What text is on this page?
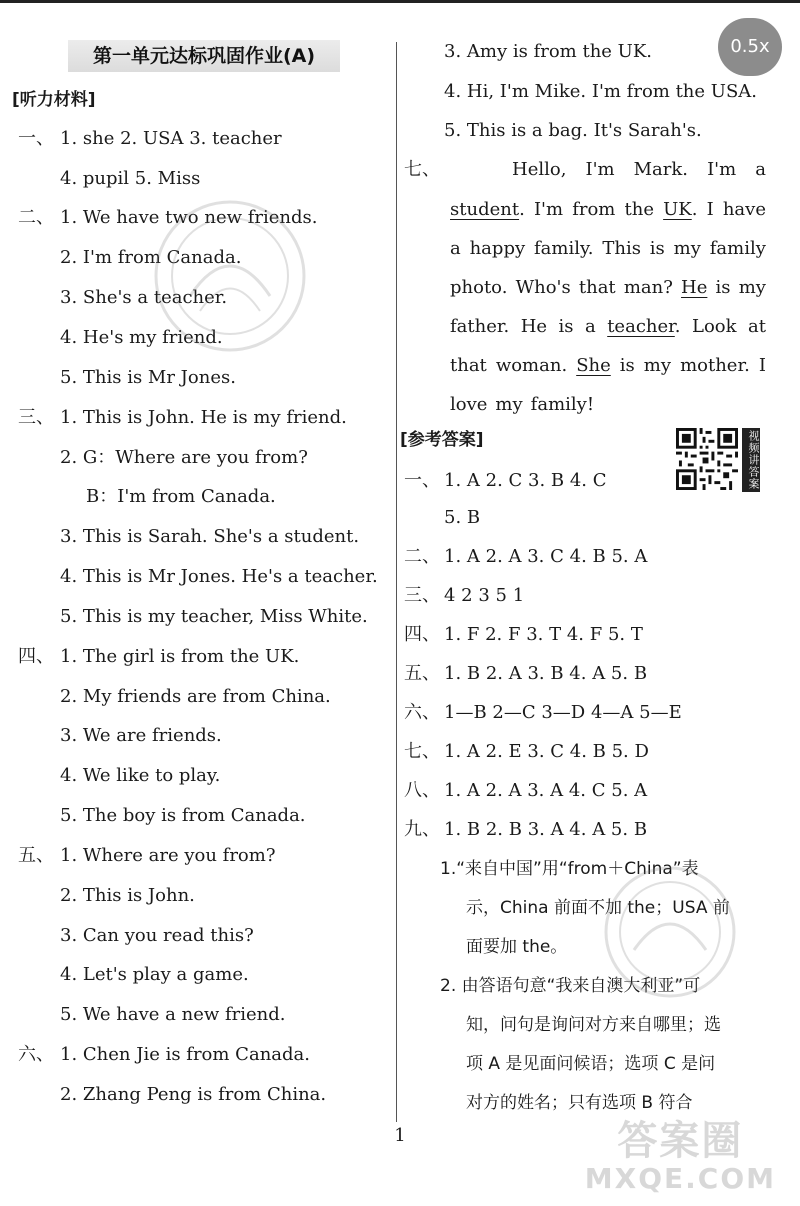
第一单元达标巩固作业(A)
[听力材料]
一、 1. she 2. USA 3. teacher
4. pupil 5. Miss
二、 1. We have two new friends.
2. I'm from Canada.
3. She's a teacher.
4. He's my friend.
5. This is Mr Jones.
三、 1. This is John. He is my friend.
2. G：Where are you from?
B：I'm from Canada.
3. This is Sarah. She's a student.
4. This is Mr Jones. He's a teacher.
5. This is my teacher, Miss White.
四、 1. The girl is from the UK.
2. My friends are from China.
3. We are friends.
4. We like to play.
5. The boy is from Canada.
五、 1. Where are you from?
2. This is John.
3. Can you read this?
4. Let's play a game.
5. We have a new friend.
六、 1. Chen Jie is from Canada.
2. Zhang Peng is from China.
3. Amy is from the UK.
4. Hi, I'm Mike. I'm from the USA.
5. This is a bag. It's Sarah's.
七、	Hello, I'm Mark. I'm a
student. I'm from the UK. I have
a happy family. This is my family
photo. Who's that man? He is my
father. He is a teacher. Look at
that woman. She is my mother. I
love my family!
[参考答案]
一、 1. A 2. C 3. B 4. C
5. B
二、 1. A 2. A 3. C 4. B 5. A
三、 4 2 3 5 1
四、 1. F 2. F 3. T 4. F 5. T
五、 1. B 2. A 3. B 4. A 5. B
六、 1—B 2—C 3—D 4—A 5—E
七、 1. A 2. E 3. C 4. B 5. D
八、 1. A 2. A 3. A 4. C 5. A
九、 1. B 2. B 3. A 4. A 5. B
1.“来自中国”用“from＋China”表
示，China 前面不加 the；USA 前
面要加 the。
2. 由答语句意“我来自澳大利亚”可
知，问句是询问对方来自哪里；选
项 A 是见面问候语；选项 C 是问
对方的姓名；只有选项 B 符合
视频讲答案
1
0.5x
答案圈
MXQE.COM
